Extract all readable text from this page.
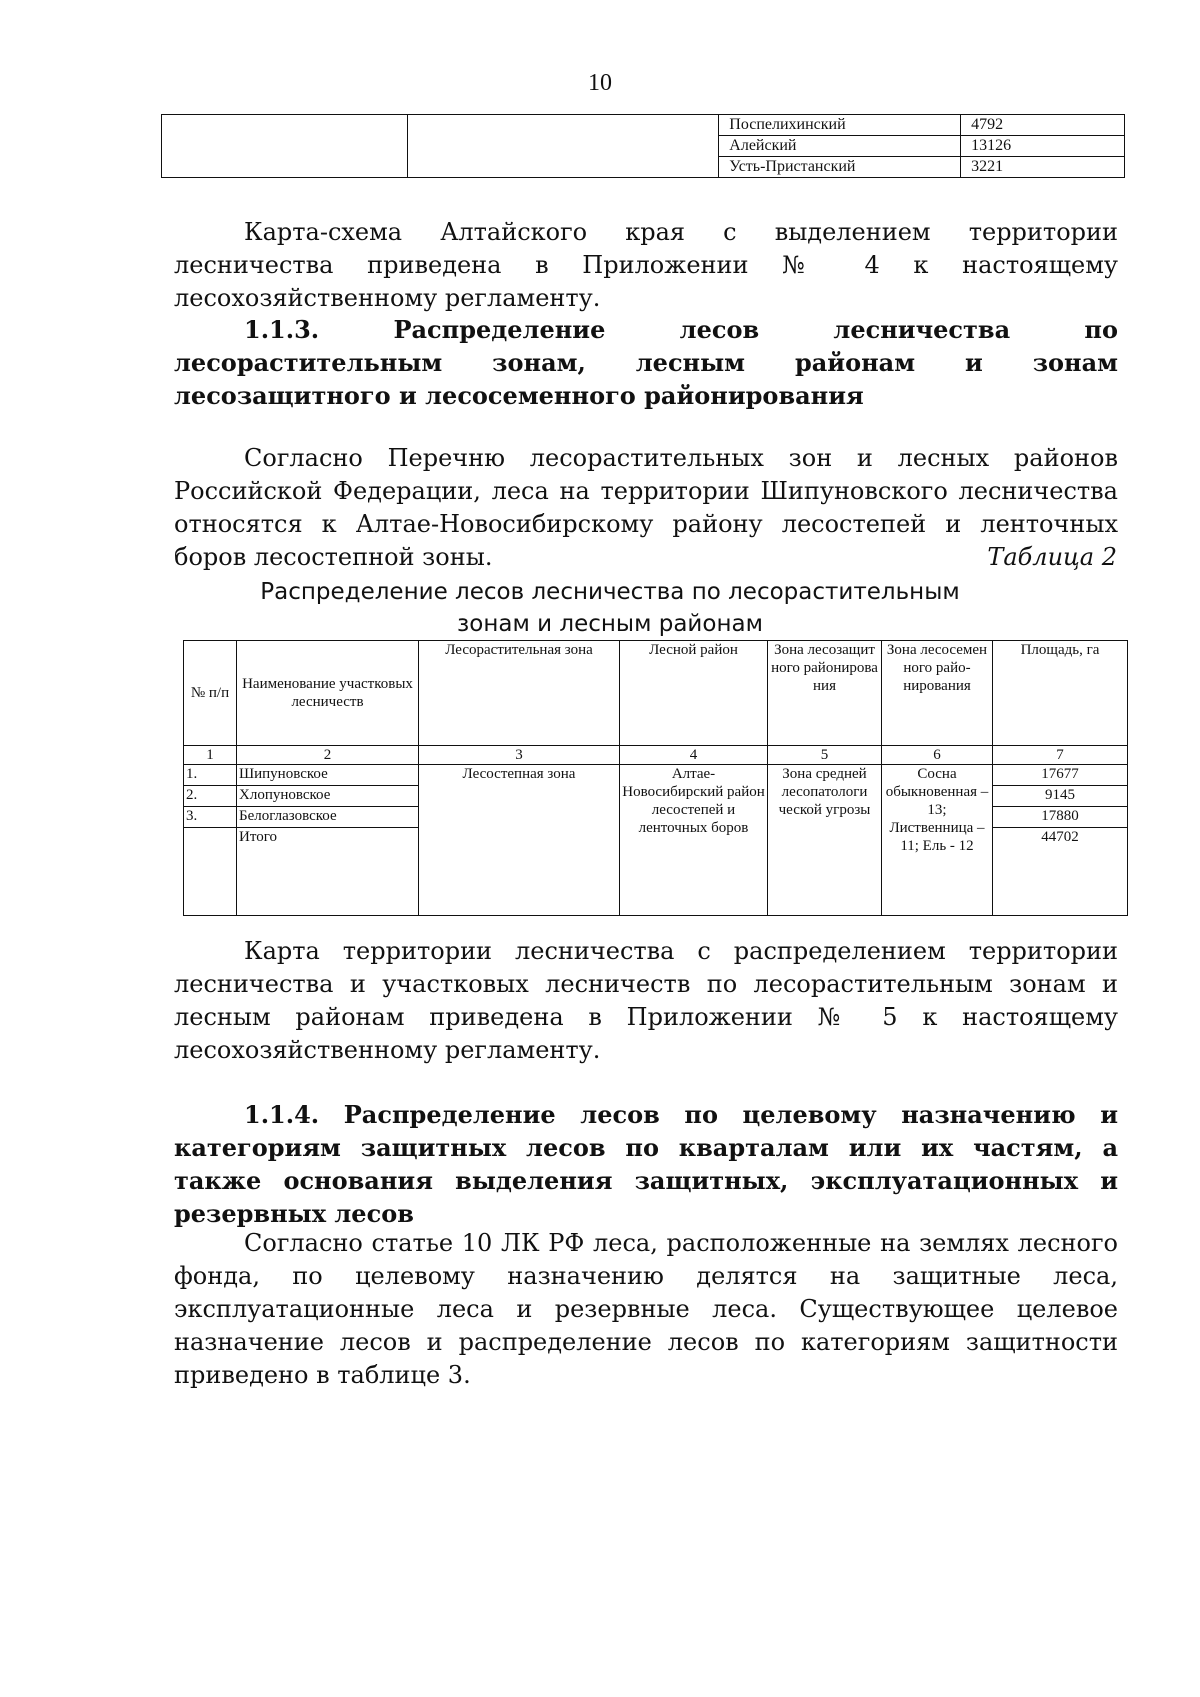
10
		Поспелихинский	4792
		Алейский	13126
		Усть-Пристанский	3221

Карта-схема Алтайского края с выделением территории лесничества приведена в Приложении № 4 к настоящему лесохозяйственному регламенту.

1.1.3. Распределение лесов лесничества по лесорастительным зонам, лесным районам и зонам лесозащитного и лесосеменного районирования

Согласно Перечню лесорастительных зон и лесных районов Российской Федерации, леса на территории Шипуновского лесничества относятся к Алтае-Новосибирскому району лесостепей и ленточных боров лесостепной зоны.	Таблица 2
Распределение лесов лесничества по лесорастительным
зонам и лесным районам
№ п/п	Наименование участковых лесничеств	Лесорастительная зона	Лесной район	Зона лесозащит ного районирова ния	Зона лесосемен ного райо-нирования	Площадь, га
1	2	3	4	5	6	7
1.	Шипуновское	Лесостепная зона	Алтае-Новосибирский район лесостепей и ленточных боров	Зона средней лесопатологи ческой угрозы	Сосна обыкновенная – 13; Лиственница – 11; Ель - 12	17677
2.	Хлопуновское					9145
3.	Белоглазовское					17880
	Итого					44702

Карта территории лесничества с распределением территории лесничества и участковых лесничеств по лесорастительным зонам и лесным районам приведена в Приложении № 5 к настоящему лесохозяйственному регламенту.

1.1.4. Распределение лесов по целевому назначению и категориям защитных лесов по кварталам или их частям, а также основания выделения защитных, эксплуатационных и резервных лесов

Согласно статье 10 ЛК РФ леса, расположенные на землях лесного фонда, по целевому назначению делятся на защитные леса, эксплуатационные леса и резервные леса. Существующее целевое назначение лесов и распределение лесов по категориям защитности приведено в таблице 3.
